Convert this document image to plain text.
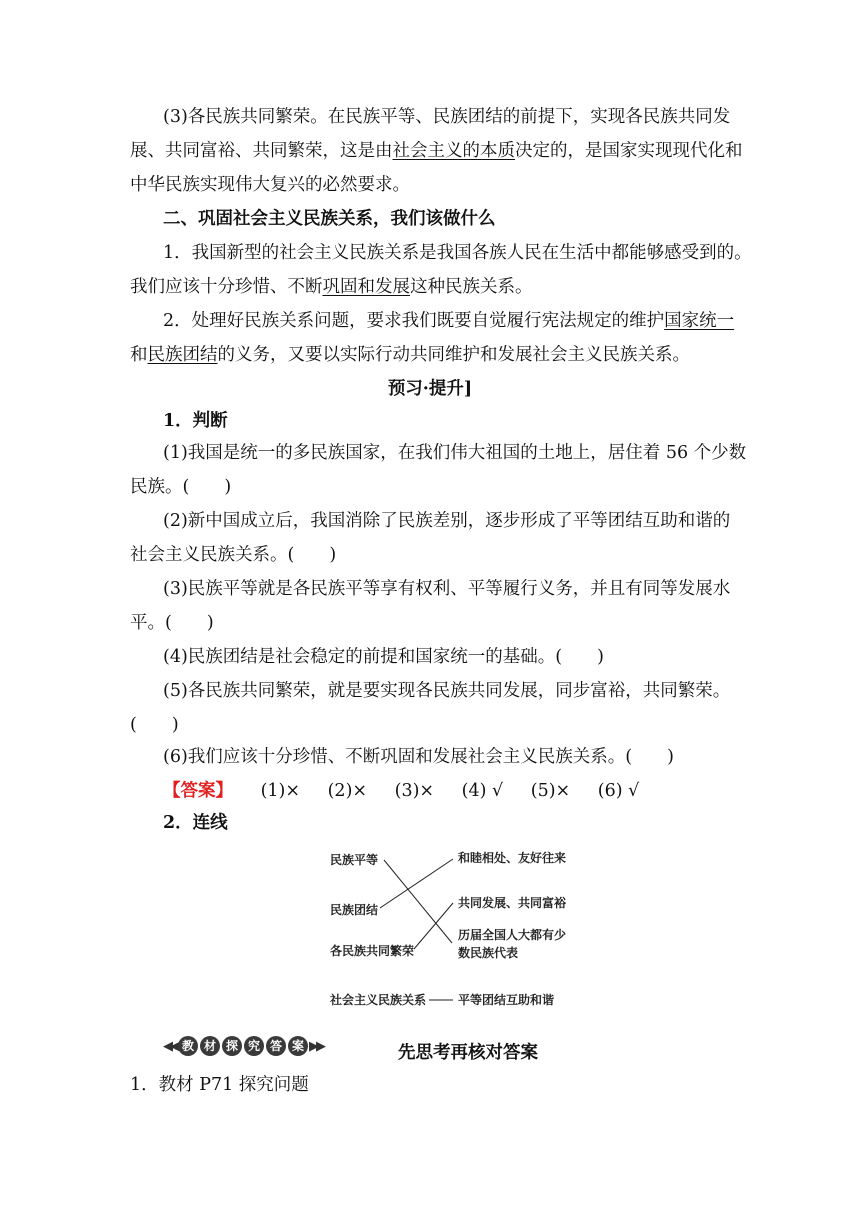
(3)各民族共同繁荣。在民族平等、民族团结的前提下，实现各民族共同发
展、共同富裕、共同繁荣，这是由社会主义的本质决定的，是国家实现现代化和
中华民族实现伟大复兴的必然要求。
二、巩固社会主义民族关系，我们该做什么
1．我国新型的社会主义民族关系是我国各族人民在生活中都能够感受到的。
我们应该十分珍惜、不断巩固和发展这种民族关系。
2．处理好民族关系问题，要求我们既要自觉履行宪法规定的维护国家统一
和民族团结的义务，又要以实际行动共同维护和发展社会主义民族关系。
预习·提升]
1．判断
(1)我国是统一的多民族国家，在我们伟大祖国的土地上，居住着 56 个少数
民族。(　　)
(2)新中国成立后，我国消除了民族差别，逐步形成了平等团结互助和谐的
社会主义民族关系。(　　)
(3)民族平等就是各民族平等享有权利、平等履行义务，并且有同等发展水
平。(　　)
(4)民族团结是社会稳定的前提和国家统一的基础。(　　)
(5)各民族共同繁荣，就是要实现各民族共同发展，同步富裕，共同繁荣。
(　　)
(6)我们应该十分珍惜、不断巩固和发展社会主义民族关系。(　　)
【答案】 (1)× (2)× (3)× (4) √ (5)× (6) √
2．连线
民族平等
民族团结
各民族共同繁荣
和睦相处、友好往来
共同发展、共同富裕
历届全国人大都有少
数民族代表
社会主义民族关系	平等团结互助和谐
◀◀ 教 材 探 究 答 案 ▶▶	先思考再核对答案
1．教材 P71 探究问题
